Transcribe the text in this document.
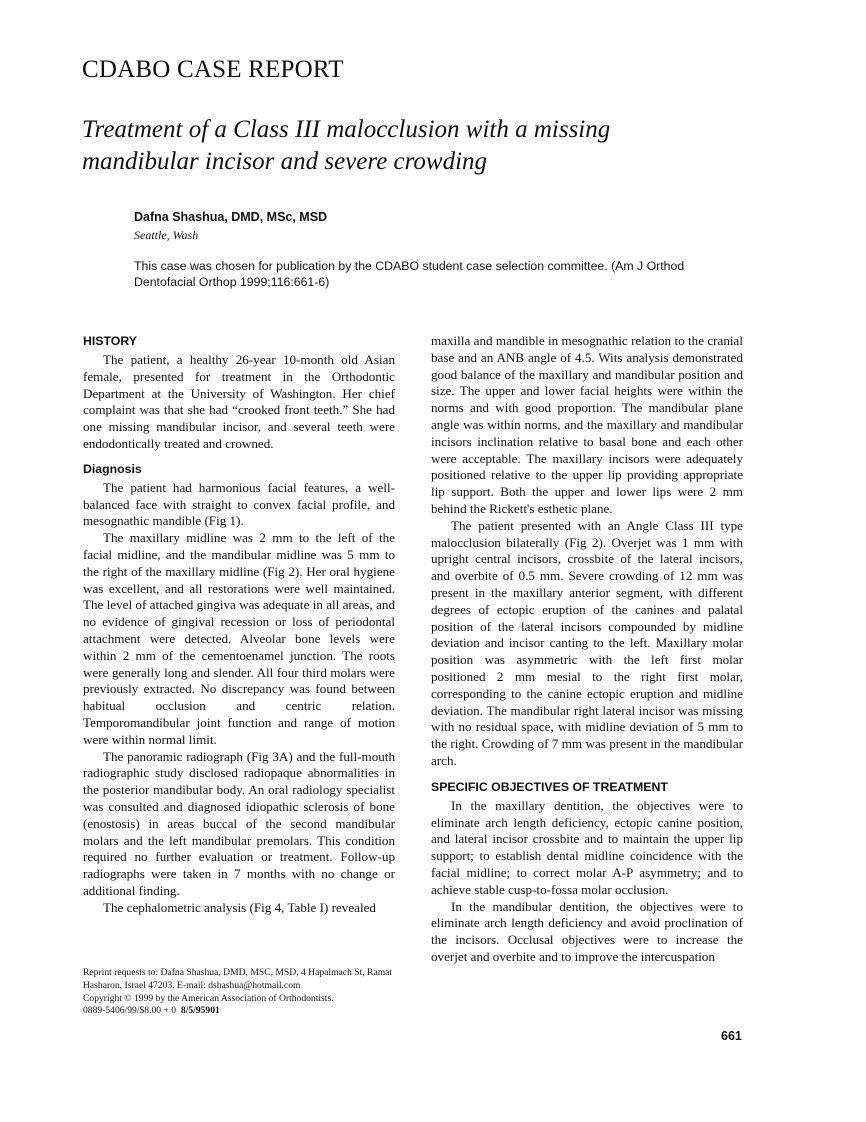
CDABO CASE REPORT
Treatment of a Class III malocclusion with a missing mandibular incisor and severe crowding
Dafna Shashua, DMD, MSc, MSD
Seattle, Wash
This case was chosen for publication by the CDABO student case selection committee. (Am J Orthod Dentofacial Orthop 1999;116:661-6)
HISTORY

The patient, a healthy 26-year 10-month old Asian female, presented for treatment in the Orthodontic Department at the University of Washington. Her chief complaint was that she had “crooked front teeth.” She had one missing mandibular incisor, and several teeth were endodontically treated and crowned.

Diagnosis

The patient had harmonious facial features, a well-balanced face with straight to convex facial profile, and mesognathic mandible (Fig 1).

The maxillary midline was 2 mm to the left of the facial midline, and the mandibular midline was 5 mm to the right of the maxillary midline (Fig 2). Her oral hygiene was excellent, and all restorations were well maintained. The level of attached gingiva was adequate in all areas, and no evidence of gingival recession or loss of periodontal attachment were detected. Alveolar bone levels were within 2 mm of the cementoenamel junction. The roots were generally long and slender. All four third molars were previously extracted. No discrepancy was found between habitual occlusion and centric relation. Temporomandibular joint function and range of motion were within normal limit.

The panoramic radiograph (Fig 3A) and the full-mouth radiographic study disclosed radiopaque abnormalities in the posterior mandibular body. An oral radiology specialist was consulted and diagnosed idiopathic sclerosis of bone (enostosis) in areas buccal of the second mandibular molars and the left mandibular premolars. This condition required no further evaluation or treatment. Follow-up radiographs were taken in 7 months with no change or additional finding.

The cephalometric analysis (Fig 4, Table I) revealed

maxilla and mandible in mesognathic relation to the cranial base and an ANB angle of 4.5. Wits analysis demonstrated good balance of the maxillary and mandibular position and size. The upper and lower facial heights were within the norms and with good proportion. The mandibular plane angle was within norms, and the maxillary and mandibular incisors inclination relative to basal bone and each other were acceptable. The maxillary incisors were adequately positioned relative to the upper lip providing appropriate lip support. Both the upper and lower lips were 2 mm behind the Rickett's esthetic plane.

The patient presented with an Angle Class III type malocclusion bilaterally (Fig 2). Overjet was 1 mm with upright central incisors, crossbite of the lateral incisors, and overbite of 0.5 mm. Severe crowding of 12 mm was present in the maxillary anterior segment, with different degrees of ectopic eruption of the canines and palatal position of the lateral incisors compounded by midline deviation and incisor canting to the left. Maxillary molar position was asymmetric with the left first molar positioned 2 mm mesial to the right first molar, corresponding to the canine ectopic eruption and midline deviation. The mandibular right lateral incisor was missing with no residual space, with midline deviation of 5 mm to the right. Crowding of 7 mm was present in the mandibular arch.

SPECIFIC OBJECTIVES OF TREATMENT

In the maxillary dentition, the objectives were to eliminate arch length deficiency, ectopic canine position, and lateral incisor crossbite and to maintain the upper lip support; to establish dental midline coincidence with the facial midline; to correct molar A-P asymmetry; and to achieve stable cusp-to-fossa molar occlusion.

In the mandibular dentition, the objectives were to eliminate arch length deficiency and avoid proclination of the incisors. Occlusal objectives were to increase the overjet and overbite and to improve the intercuspation

Reprint requests to: Dafna Shashua, DMD, MSC, MSD, 4 Hapalmach St, Ramat Hasharon, Israel 47203. E-mail: dshashua@hotmail.com
Copyright © 1999 by the American Association of Orthodontists.
0889-5406/99/$8.00 + 0 8/5/95901
661
